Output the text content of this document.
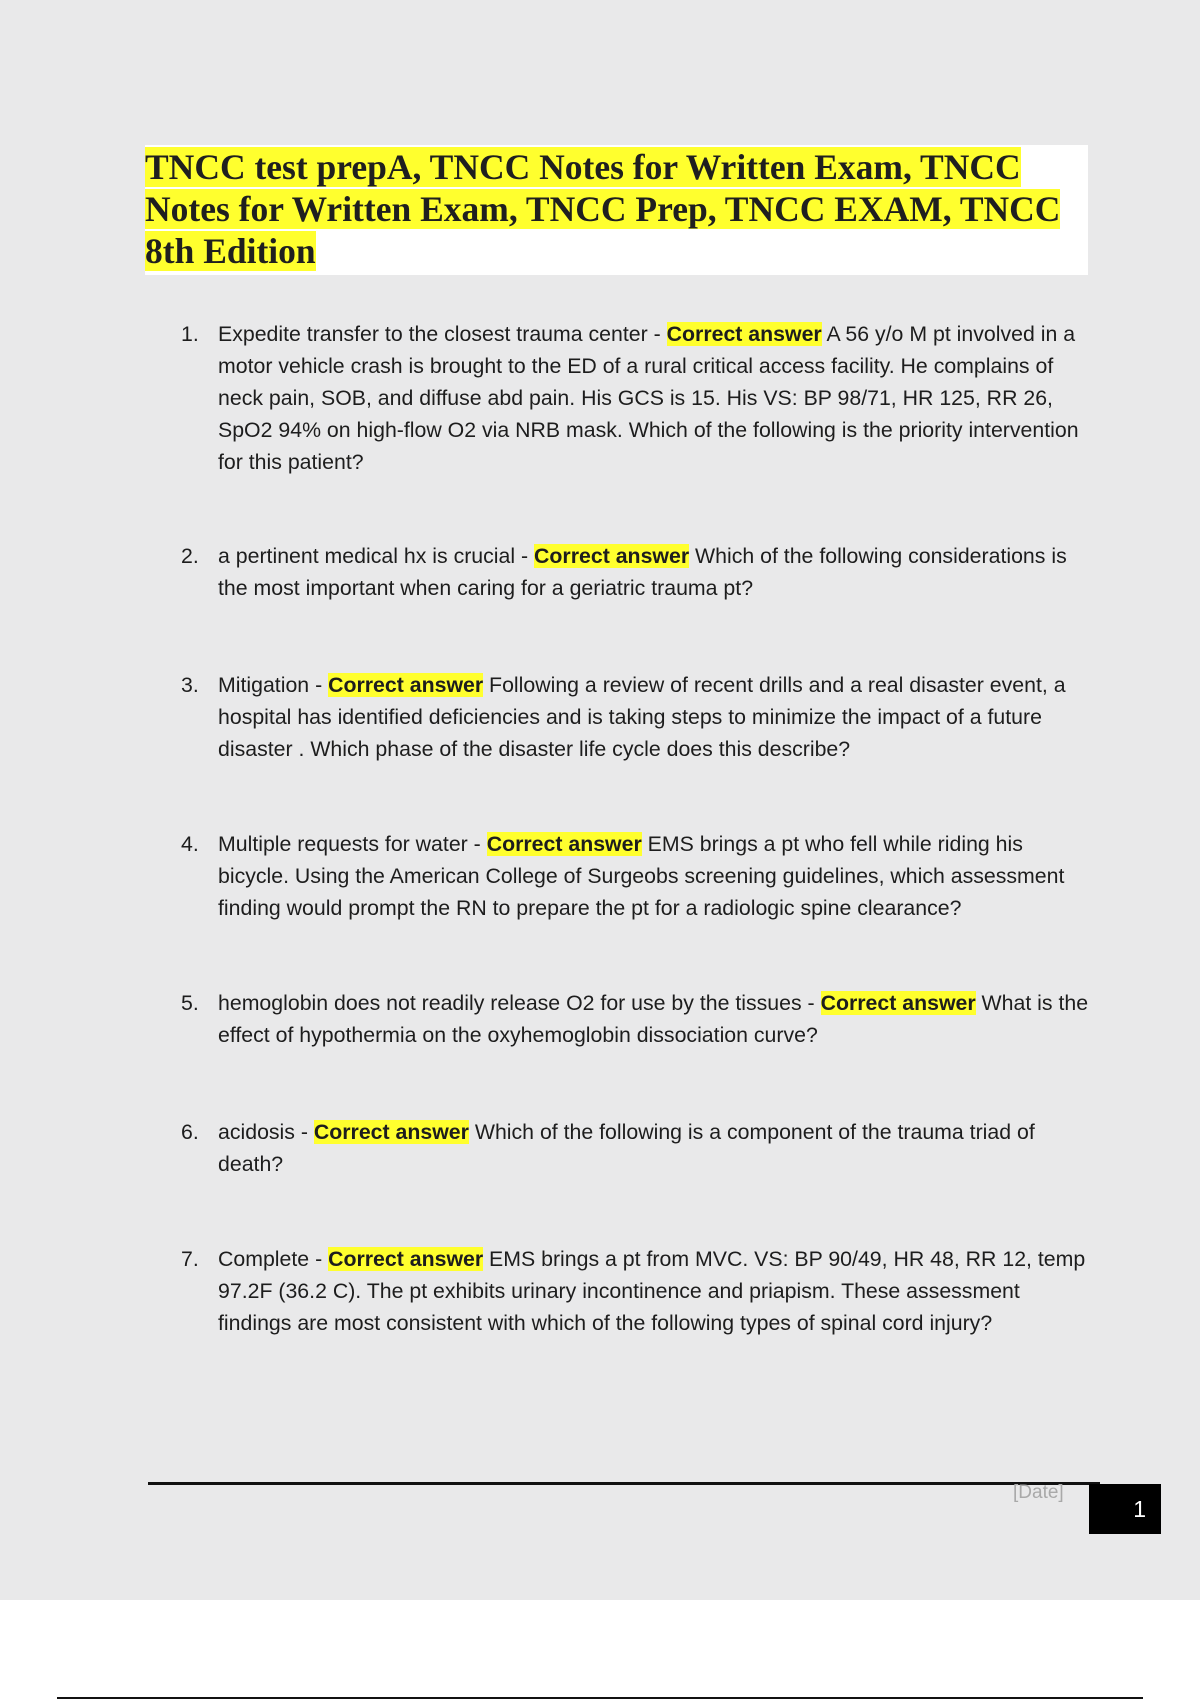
TNCC test prepA, TNCC Notes for Written Exam, TNCC Notes for Written Exam, TNCC Prep, TNCC EXAM, TNCC 8th Edition
1. Expedite transfer to the closest trauma center - Correct answer A 56 y/o M pt involved in a motor vehicle crash is brought to the ED of a rural critical access facility. He complains of neck pain, SOB, and diffuse abd pain. His GCS is 15. His VS: BP 98/71, HR 125, RR 26, SpO2 94% on high-flow O2 via NRB mask. Which of the following is the priority intervention for this patient?
2. a pertinent medical hx is crucial - Correct answer Which of the following considerations is the most important when caring for a geriatric trauma pt?
3. Mitigation - Correct answer Following a review of recent drills and a real disaster event, a hospital has identified deficiencies and is taking steps to minimize the impact of a future disaster . Which phase of the disaster life cycle does this describe?
4. Multiple requests for water - Correct answer EMS brings a pt who fell while riding his bicycle. Using the American College of Surgeobs screening guidelines, which assessment finding would prompt the RN to prepare the pt for a radiologic spine clearance?
5. hemoglobin does not readily release O2 for use by the tissues - Correct answer What is the effect of hypothermia on the oxyhemoglobin dissociation curve?
6. acidosis - Correct answer Which of the following is a component of the trauma triad of death?
7. Complete - Correct answer EMS brings a pt from MVC. VS: BP 90/49, HR 48, RR 12, temp 97.2F (36.2 C). The pt exhibits urinary incontinence and priapism. These assessment findings are most consistent with which of the following types of spinal cord injury?
[Date]
1
